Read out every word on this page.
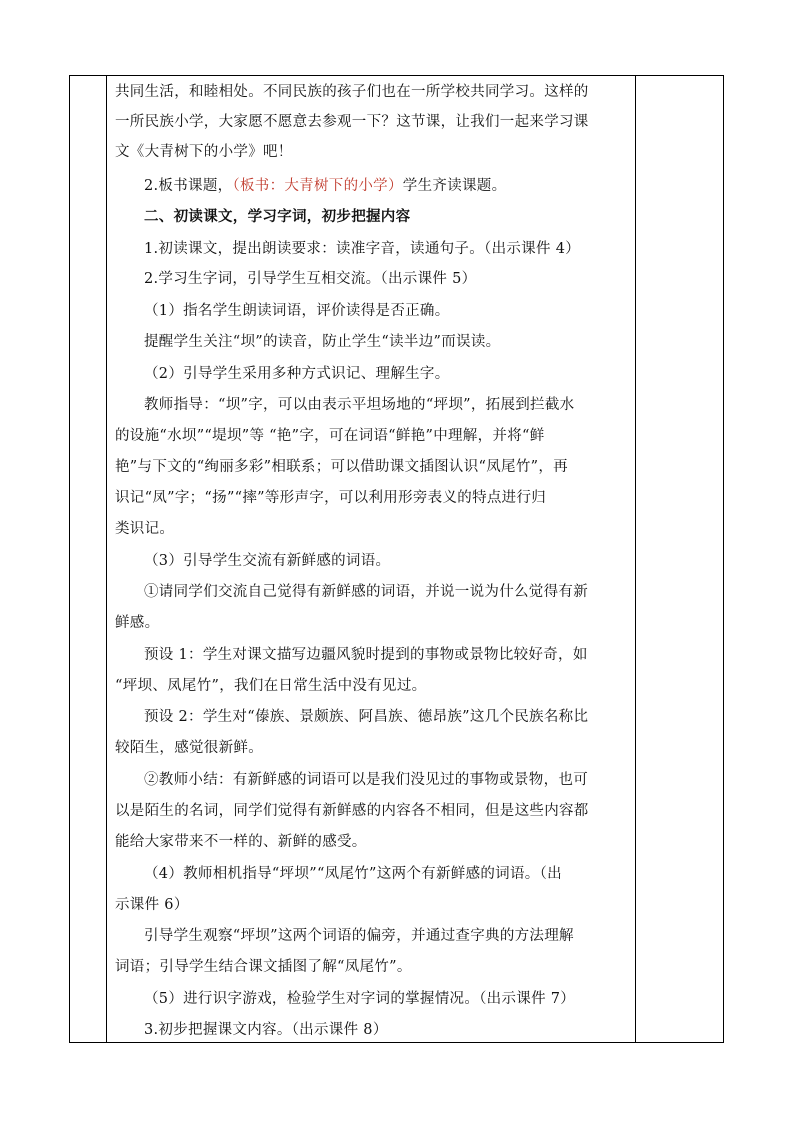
共同生活，和睦相处。不同民族的孩子们也在一所学校共同学习。这样的
一所民族小学，大家愿不愿意去参观一下？这节课，让我们一起来学习课
文《大青树下的小学》吧！
2.板书课题，（板书：大青树下的小学）学生齐读课题。
二、初读课文，学习字词，初步把握内容
1.初读课文，提出朗读要求：读准字音，读通句子。（出示课件 4）
2.学习生字词，引导学生互相交流。（出示课件 5）
（1）指名学生朗读词语，评价读得是否正确。
提醒学生关注“坝”的读音，防止学生“读半边”而误读。
（2）引导学生采用多种方式识记、理解生字。
教师指导：“坝”字，可以由表示平坦场地的“坪坝”，拓展到拦截水
的设施“水坝”“堤坝”等 “艳”字，可在词语“鲜艳”中理解，并将“鲜
艳”与下文的“绚丽多彩”相联系；可以借助课文插图认识“凤尾竹”，再
识记“凤”字；“扬”“摔”等形声字，可以利用形旁表义的特点进行归
类识记。
（3）引导学生交流有新鲜感的词语。
①请同学们交流自己觉得有新鲜感的词语，并说一说为什么觉得有新
鲜感。
预设 1：学生对课文描写边疆风貌时提到的事物或景物比较好奇，如
“坪坝、凤尾竹”，我们在日常生活中没有见过。
预设 2：学生对“傣族、景颇族、阿昌族、德昂族”这几个民族名称比
较陌生，感觉很新鲜。
②教师小结：有新鲜感的词语可以是我们没见过的事物或景物，也可
以是陌生的名词，同学们觉得有新鲜感的内容各不相同，但是这些内容都
能给大家带来不一样的、新鲜的感受。
（4）教师相机指导“坪坝”“凤尾竹”这两个有新鲜感的词语。（出
示课件 6）
引导学生观察“坪坝”这两个词语的偏旁，并通过查字典的方法理解
词语；引导学生结合课文插图了解“凤尾竹”。
（5）进行识字游戏，检验学生对字词的掌握情况。（出示课件 7）
3.初步把握课文内容。（出示课件 8）
